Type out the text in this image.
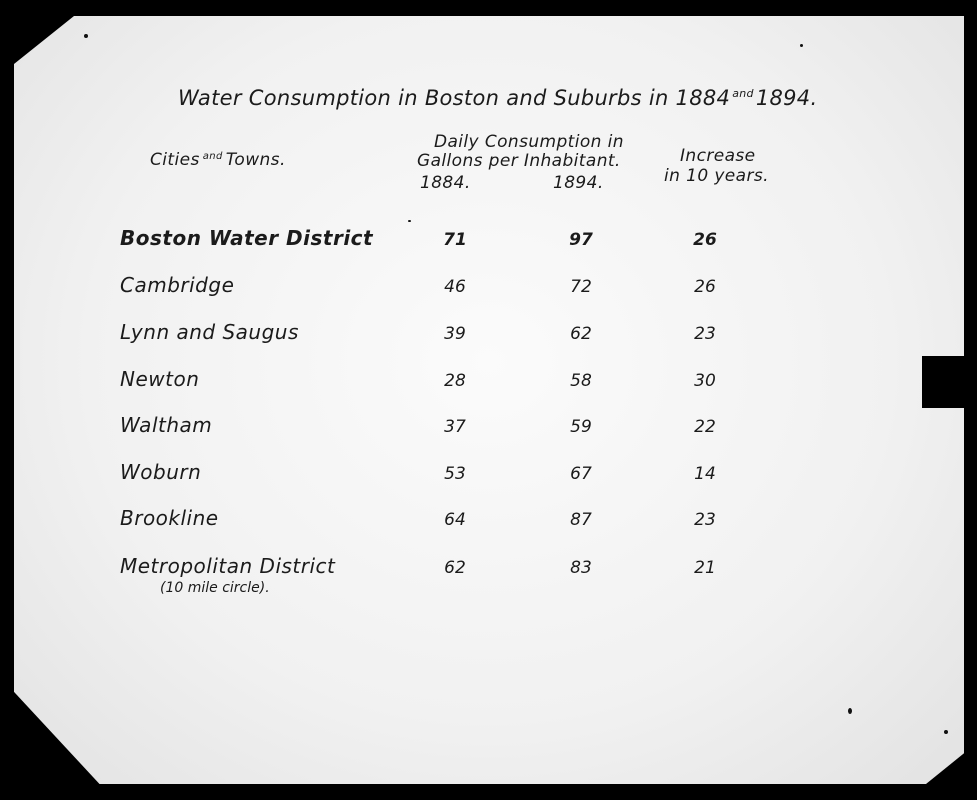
Water Consumption in Boston and Suburbs in 1884 $^{and}$1894.
Cities $^{and}$ Towns.
Daily Consumption in
Gallons per Inhabitant.
1884.	1894.
Increase
in 10 years.
Boston Water District	71	97	26
Cambridge	46	72	26
Lynn and Saugus	39	62	23
Newton	28	58	30
Waltham	37	59	22
Woburn	53	67	14
Brookline	64	87	23
Metropolitan District	62	83	21
(10 mile circle).
